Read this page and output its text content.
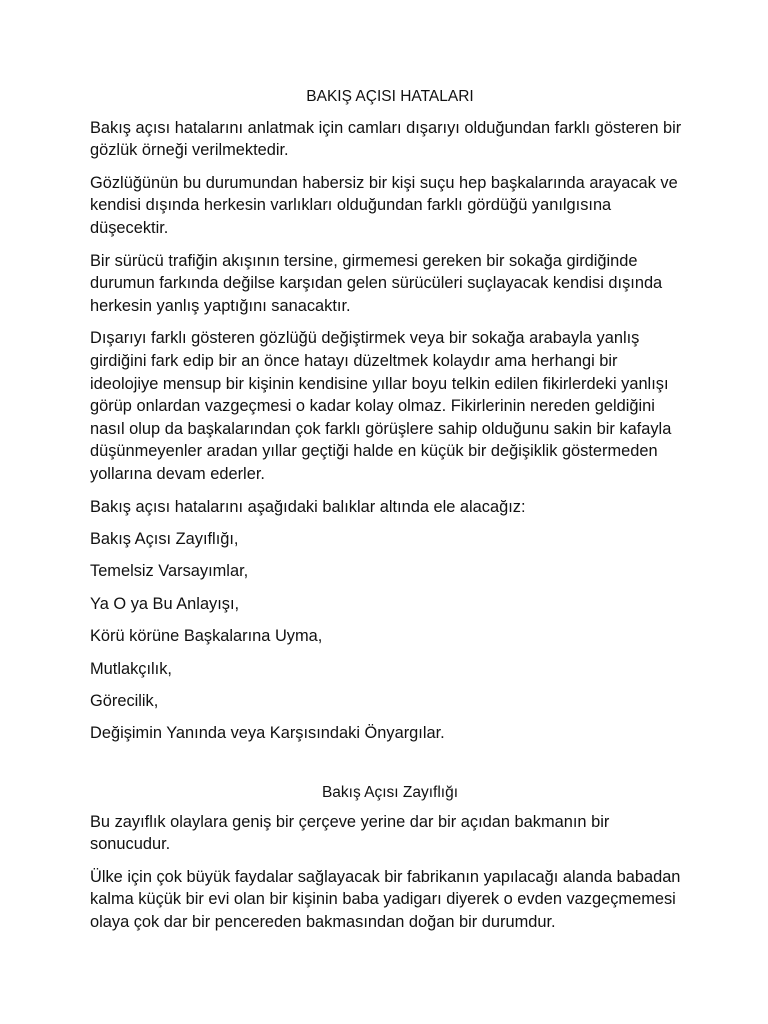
BAKIŞ AÇISI HATALARI

Bakış açısı hatalarını anlatmak için camları dışarıyı olduğundan farklı gösteren bir gözlük örneği verilmektedir.

Gözlüğünün bu durumundan habersiz bir kişi suçu hep başkalarında arayacak ve kendisi dışında herkesin varlıkları olduğundan farklı gördüğü yanılgısına düşecektir.

Bir sürücü trafiğin akışının tersine, girmemesi gereken bir sokağa girdiğinde durumun farkında değilse karşıdan gelen sürücüleri suçlayacak kendisi dışında herkesin yanlış yaptığını sanacaktır.

Dışarıyı farklı gösteren gözlüğü değiştirmek veya bir sokağa arabayla yanlış girdiğini fark edip bir an önce hatayı düzeltmek kolaydır ama herhangi bir ideolojiye mensup bir kişinin kendisine yıllar boyu telkin edilen fikirlerdeki yanlışı görüp onlardan vazgeçmesi o kadar kolay olmaz. Fikirlerinin nereden geldiğini nasıl olup da başkalarından çok farklı görüşlere sahip olduğunu sakin bir kafayla düşünmeyenler aradan yıllar geçtiği halde en küçük bir değişiklik göstermeden yollarına devam ederler.

Bakış açısı hatalarını aşağıdaki balıklar altında ele alacağız:

Bakış Açısı Zayıflığı,
Temelsiz Varsayımlar,
Ya O ya Bu Anlayışı,
Körü körüne Başkalarına Uyma,
Mutlakçılık,
Görecilik,
Değişimin Yanında veya Karşısındaki Önyargılar.
Bakış Açısı Zayıflığı

Bu zayıflık olaylara geniş bir çerçeve yerine dar bir açıdan bakmanın bir sonucudur.

Ülke için çok büyük faydalar sağlayacak bir fabrikanın yapılacağı alanda babadan kalma küçük bir evi olan bir kişinin baba yadigarı diyerek o evden vazgeçmemesi olaya çok dar bir pencereden bakmasından doğan bir durumdur.
